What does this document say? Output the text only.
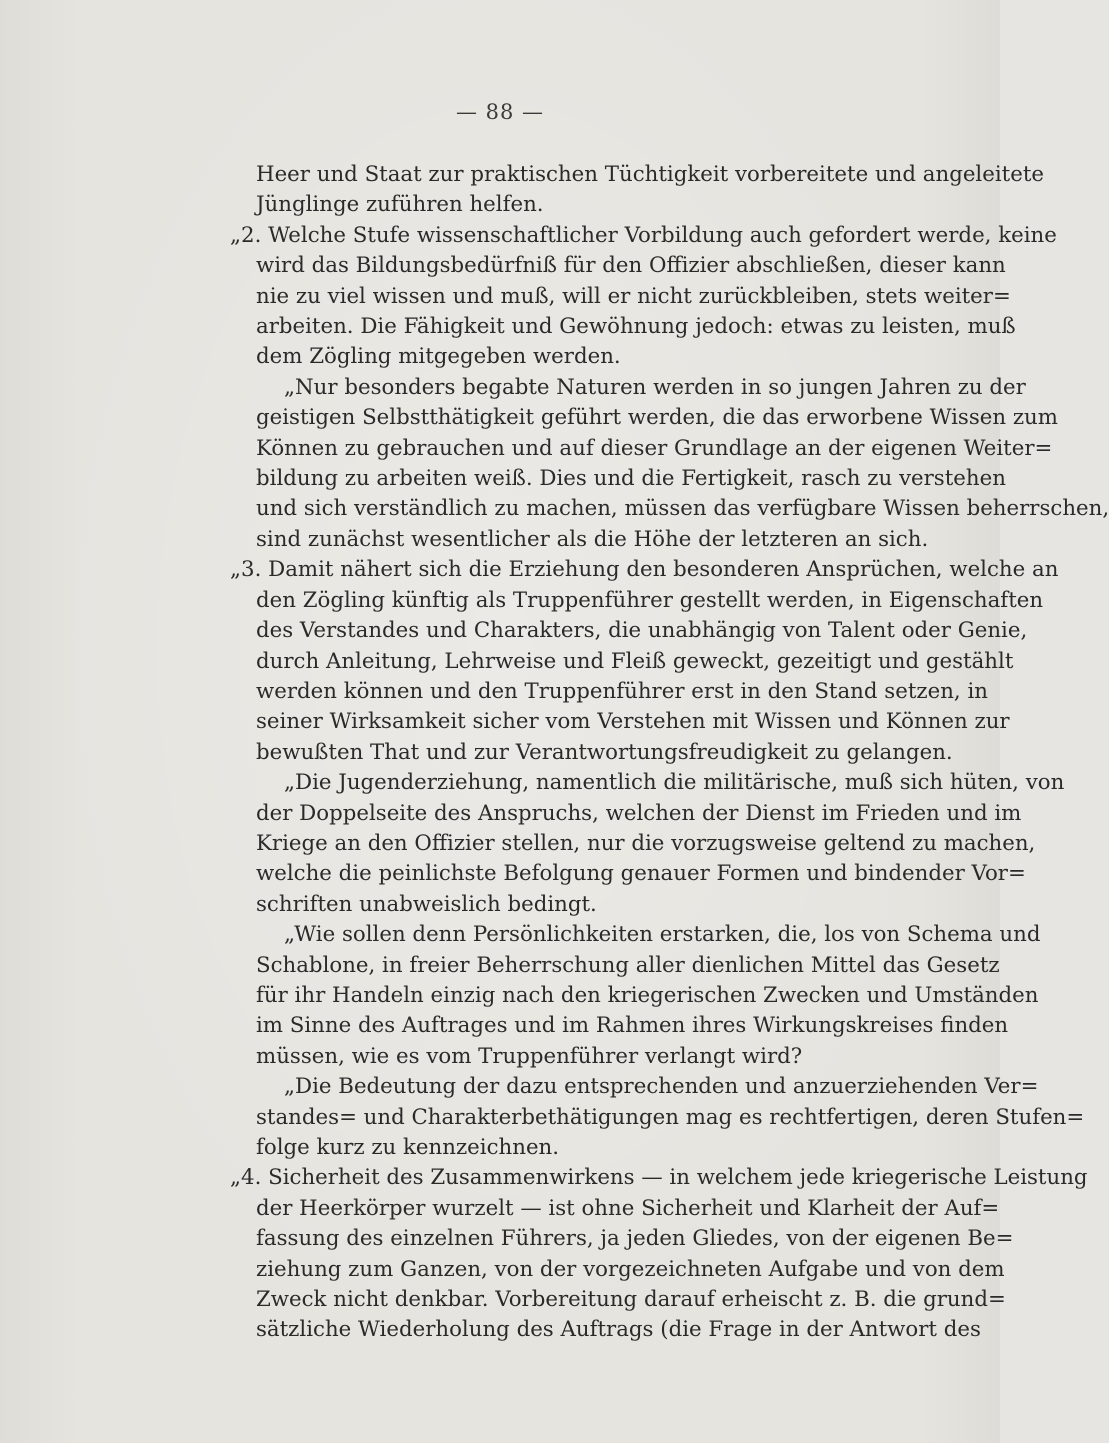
— 88 —
Heer und Staat zur praktischen Tüchtigkeit vorbereitete und angeleitete
Jünglinge zuführen helfen.
„2. Welche Stufe wissenschaftlicher Vorbildung auch gefordert werde, keine
wird das Bildungsbedürfniß für den Offizier abschließen, dieser kann
nie zu viel wissen und muß, will er nicht zurückbleiben, stets weiter=
arbeiten. Die Fähigkeit und Gewöhnung jedoch: etwas zu leisten, muß
dem Zögling mitgegeben werden.
„Nur besonders begabte Naturen werden in so jungen Jahren zu der
geistigen Selbstthätigkeit geführt werden, die das erworbene Wissen zum
Können zu gebrauchen und auf dieser Grundlage an der eigenen Weiter=
bildung zu arbeiten weiß. Dies und die Fertigkeit, rasch zu verstehen
und sich verständlich zu machen, müssen das verfügbare Wissen beherrschen,
sind zunächst wesentlicher als die Höhe der letzteren an sich.
„3. Damit nähert sich die Erziehung den besonderen Ansprüchen, welche an
den Zögling künftig als Truppenführer gestellt werden, in Eigenschaften
des Verstandes und Charakters, die unabhängig von Talent oder Genie,
durch Anleitung, Lehrweise und Fleiß geweckt, gezeitigt und gestählt
werden können und den Truppenführer erst in den Stand setzen, in
seiner Wirksamkeit sicher vom Verstehen mit Wissen und Können zur
bewußten That und zur Verantwortungsfreudigkeit zu gelangen.
„Die Jugenderziehung, namentlich die militärische, muß sich hüten, von
der Doppelseite des Anspruchs, welchen der Dienst im Frieden und im
Kriege an den Offizier stellen, nur die vorzugsweise geltend zu machen,
welche die peinlichste Befolgung genauer Formen und bindender Vor=
schriften unabweislich bedingt.
„Wie sollen denn Persönlichkeiten erstarken, die, los von Schema und
Schablone, in freier Beherrschung aller dienlichen Mittel das Gesetz
für ihr Handeln einzig nach den kriegerischen Zwecken und Umständen
im Sinne des Auftrages und im Rahmen ihres Wirkungskreises finden
müssen, wie es vom Truppenführer verlangt wird?
„Die Bedeutung der dazu entsprechenden und anzuerziehenden Ver=
standes= und Charakterbethätigungen mag es rechtfertigen, deren Stufen=
folge kurz zu kennzeichnen.
„4. Sicherheit des Zusammenwirkens — in welchem jede kriegerische Leistung
der Heerkörper wurzelt — ist ohne Sicherheit und Klarheit der Auf=
fassung des einzelnen Führers, ja jeden Gliedes, von der eigenen Be=
ziehung zum Ganzen, von der vorgezeichneten Aufgabe und von dem
Zweck nicht denkbar. Vorbereitung darauf erheischt z. B. die grund=
sätzliche Wiederholung des Auftrags (die Frage in der Antwort des
